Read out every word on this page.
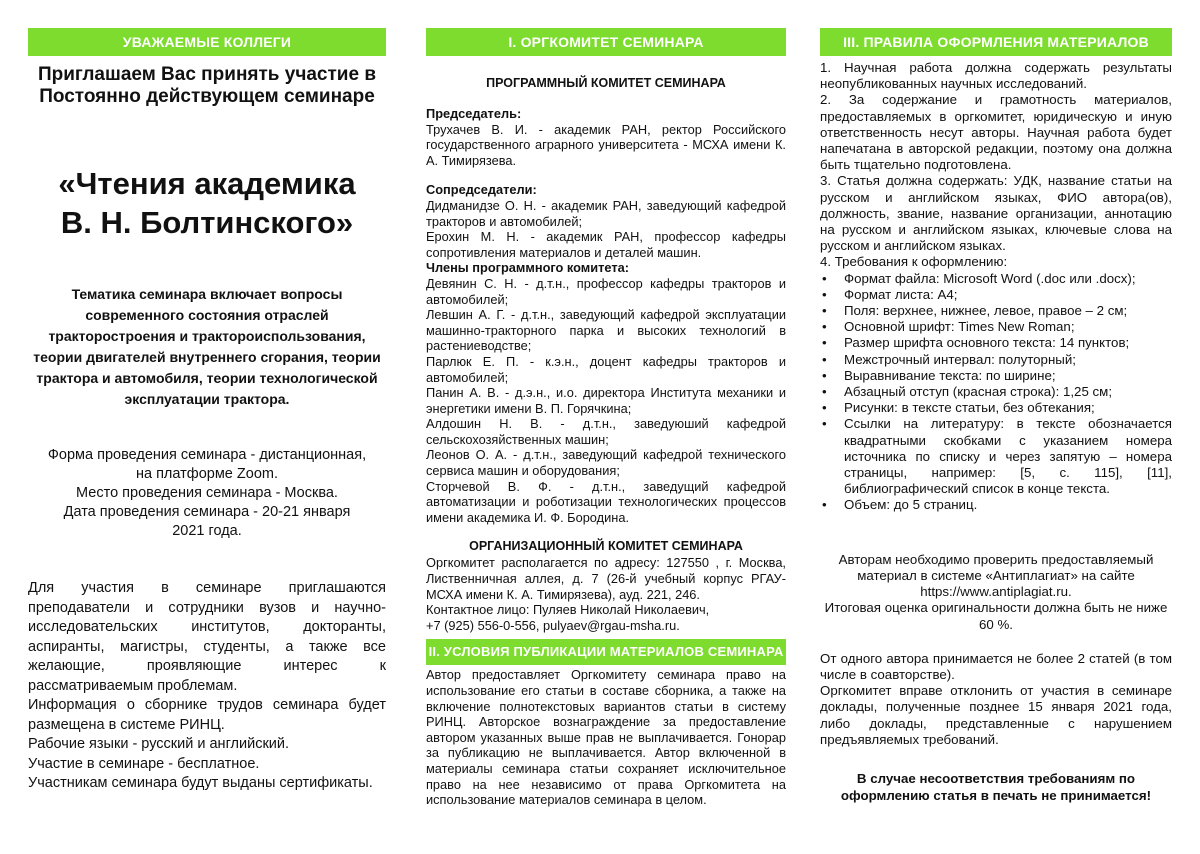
УВАЖАЕМЫЕ КОЛЛЕГИ
Приглашаем Вас принять участие в
Постоянно действующем семинаре
«Чтения академика
В. Н. Болтинского»
Тематика семинара включает вопросы современного состояния отраслей тракторостроения и трактороиспользования, теории двигателей внутреннего сгорания, теории трактора и автомобиля, теории технологической эксплуатации трактора.
Форма проведения семинара - дистанционная,
на платформе Zoom.
Место проведения семинара - Москва.
Дата проведения семинара - 20-21 января
2021 года.

Для участия в семинаре приглашаются преподаватели и сотрудники вузов и научно-исследовательских институтов, докторанты, аспиранты, магистры, студенты, а также все желающие, проявляющие интерес к рассматриваемым проблемам.

Информация о сборнике трудов семинара будет размещена в системе РИНЦ.

Рабочие языки - русский и английский.

Участие в семинаре - бесплатное.

Участникам семинара будут выданы сертификаты.

I. ОРГКОМИТЕТ СЕМИНАРА
ПРОГРАММНЫЙ КОМИТЕТ СЕМИНАРА

Председатель:

Трухачев В. И. - академик РАН, ректор Российского государственного аграрного университета - МСХА имени К. А. Тимирязева.

Сопредседатели:

Дидманидзе О. Н. - академик РАН, заведующий кафедрой тракторов и автомобилей;

Ерохин М. Н. - академик РАН, профессор кафедры сопротивления материалов и деталей машин.

Члены программного комитета:

Девянин С. Н. - д.т.н., профессор кафедры тракторов и автомобилей;

Левшин А. Г. - д.т.н., заведующий кафедрой эксплуатации машинно-тракторного парка и высоких технологий в растениеводстве;

Парлюк Е. П. - к.э.н., доцент кафедры тракторов и автомобилей;

Панин А. В. - д.э.н., и.о. директора Института механики и энергетики имени В. П. Горячкина;

Алдошин Н. В. - д.т.н., заведуюший кафедрой сельскохозяйственных машин;

Леонов О. А. - д.т.н., заведующий кафедрой технического сервиса машин и оборудования;

Сторчевой В. Ф. - д.т.н., заведущий кафедрой автоматизации и роботизации технологических процессов имени академика И. Ф. Бородина.

ОРГАНИЗАЦИОННЫЙ КОМИТЕТ СЕМИНАРА

Оргкомитет располагается по адресу: 127550 , г. Москва, Лиственничная аллея, д. 7 (26-й учебный корпус РГАУ-МСХА имени К. А. Тимирязева), ауд. 221, 246.

Контактное лицо: Пуляев Николай Николаевич,

+7 (925) 556-0-556, pulyaev@rgau-msha.ru.

II. УСЛОВИЯ ПУБЛИКАЦИИ МАТЕРИАЛОВ СЕМИНАРА
Автор предоставляет Оргкомитету семинара право на использование его статьи в составе сборника, а также на включение полнотекстовых вариантов статьи в систему РИНЦ. Авторское вознаграждение за предоставление автором указанных выше прав не выплачивается. Гонорар за публикацию не выплачивается. Автор включенной в материалы семинара статьи сохраняет исключительное право на нее независимо от права Оргкомитета на использование материалов семинара в целом.
III. ПРАВИЛА ОФОРМЛЕНИЯ МАТЕРИАЛОВ

1. Научная работа должна содержать результаты неопубликованных научных исследований.

2. За содержание и грамотность материалов, предоставляемых в оргкомитет, юридическую и иную ответственность несут авторы. Научная работа будет напечатана в авторской редакции, поэтому она должна быть тщательно подготовлена.

3. Статья должна содержать: УДК, название статьи на русском и английском языках, ФИО автора(ов), должность, звание, название организации, аннотацию на русском и английском языках, ключевые слова на русском и английском языках.

4. Требования к оформлению:

• Формат файла: Microsoft Word (.doc или .docx);
• Формат листа: А4;
• Поля: верхнее, нижнее, левое, правое – 2 см;
• Основной шрифт: Times New Roman;
• Размер шрифта основного текста: 14 пунктов;
• Межстрочный интервал: полуторный;
• Выравнивание текста: по ширине;
• Абзацный отступ (красная строка): 1,25 см;
• Рисунки: в тексте статьи, без обтекания;
• Ссылки на литературу: в тексте обозначается квадратными скобками с указанием номера источника по списку и через запятую – номера страницы, например: [5, с. 115], [11], библиографический список в конце текста.
• Объем: до 5 страниц.
Авторам необходимо проверить предоставляемый материал в системе «Антиплагиат» на сайте
https://www.antiplagiat.ru.
Итоговая оценка оригинальности должна быть не ниже 60 %.

От одного автора принимается не более 2 статей (в том числе в соавторстве).

Оргкомитет вправе отклонить от участия в семинаре доклады, полученные позднее 15 января 2021 года, либо доклады, представленные с нарушением предъявляемых требований.

В случае несоответствия требованиям по оформлению статья в печать не принимается!
